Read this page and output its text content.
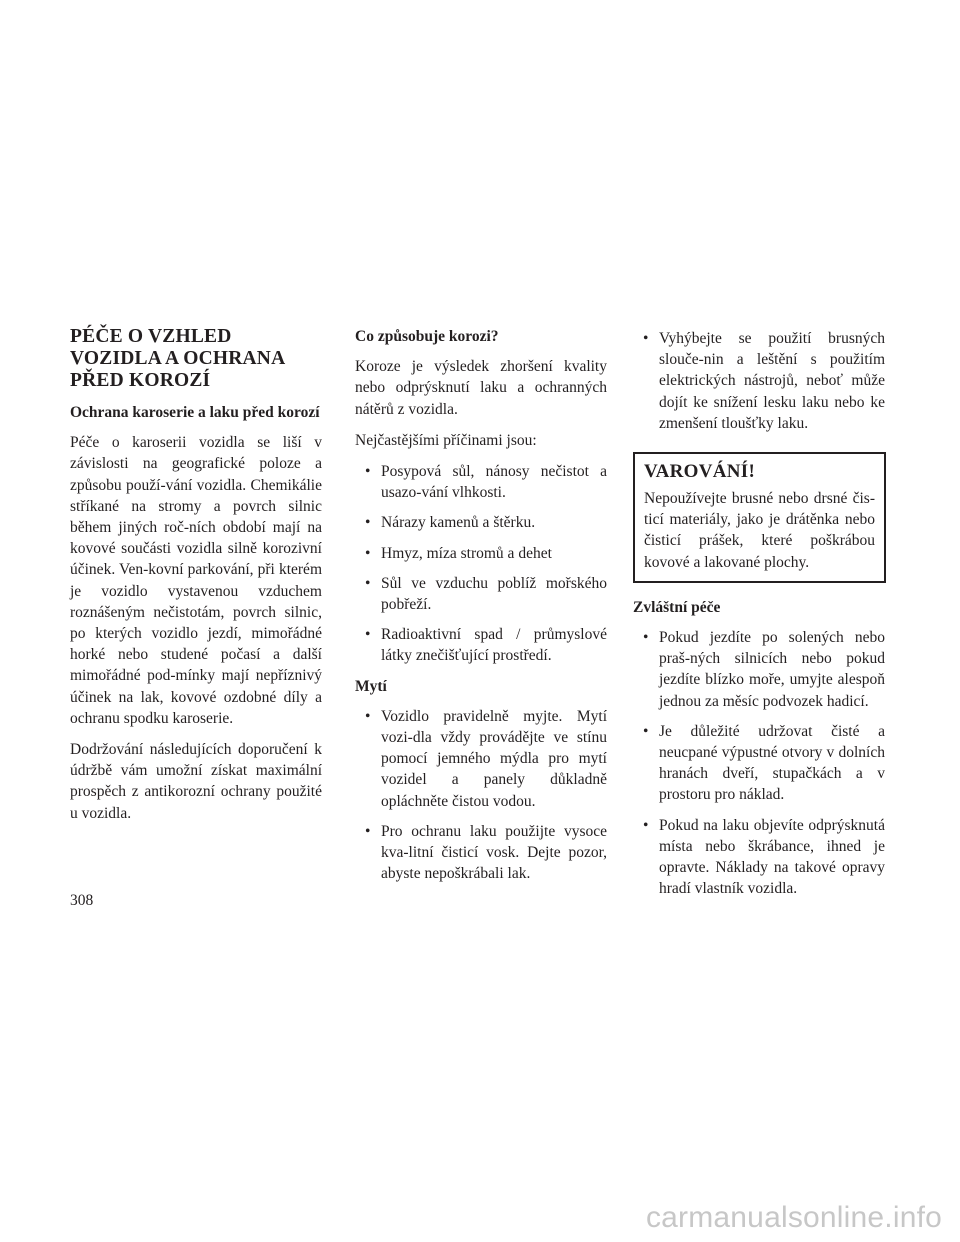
PÉČE O VZHLED
VOZIDLA A OCHRANA
PŘED KOROZÍ
Ochrana karoserie a laku před korozí

Péče o karoserii vozidla se liší v závislosti na geografické poloze a způsobu použí-vání vozidla. Chemikálie stříkané na stromy a povrch silnic během jiných roč-ních období mají na kovové součásti vozidla silně korozivní účinek. Ven-kovní parkování, při kterém je vozidlo vystavenou vzduchem roznášeným nečistotám, povrch silnic, po kterých vozidlo jezdí, mimořádné horké nebo studené počasí a další mimořádné pod-mínky mají nepříznivý účinek na lak, kovové ozdobné díly a ochranu spodku karoserie.

Dodržování následujících doporučení k údržbě vám umožní získat maximální prospěch z antikorozní ochrany použité u vozidla.

Co způsobuje korozi?

Koroze je výsledek zhoršení kvality nebo odprýsknutí laku a ochranných nátěrů z vozidla.

Nejčastějšími příčinami jsou:

• Posypová sůl, nánosy nečistot a usazo-vání vlhkosti.
• Nárazy kamenů a štěrku.
• Hmyz, míza stromů a dehet
• Sůl ve vzduchu poblíž mořského pobřeží.
• Radioaktivní spad / průmyslové látky znečišťující prostředí.
Mytí
• Vozidlo pravidelně myjte. Mytí vozi-dla vždy provádějte ve stínu pomocí jemného mýdla pro mytí vozidel a panely důkladně opláchněte čistou vodou.
• Pro ochranu laku použijte vysoce kva-litní čisticí vosk. Dejte pozor, abyste nepoškrábali lak.
• Vyhýbejte se použití brusných slouče-nin a leštění s použitím elektrických nástrojů, neboť může dojít ke snížení lesku laku nebo ke zmenšení tloušťky laku.
VAROVÁNÍ!

Nepoužívejte brusné nebo drsné čis-ticí materiály, jako je drátěnka nebo čisticí prášek, které poškrábou kovové a lakované plochy.

Zvláštní péče
• Pokud jezdíte po solených nebo praš-ných silnicích nebo pokud jezdíte blízko moře, umyjte alespoň jednou za měsíc podvozek hadicí.
• Je důležité udržovat čisté a neucpané výpustné otvory v dolních hranách dveří, stupačkách a v prostoru pro náklad.
• Pokud na laku objevíte odprýsknutá místa nebo škrábance, ihned je opravte. Náklady na takové opravy hradí vlastník vozidla.
308
carmanualsonline.info
